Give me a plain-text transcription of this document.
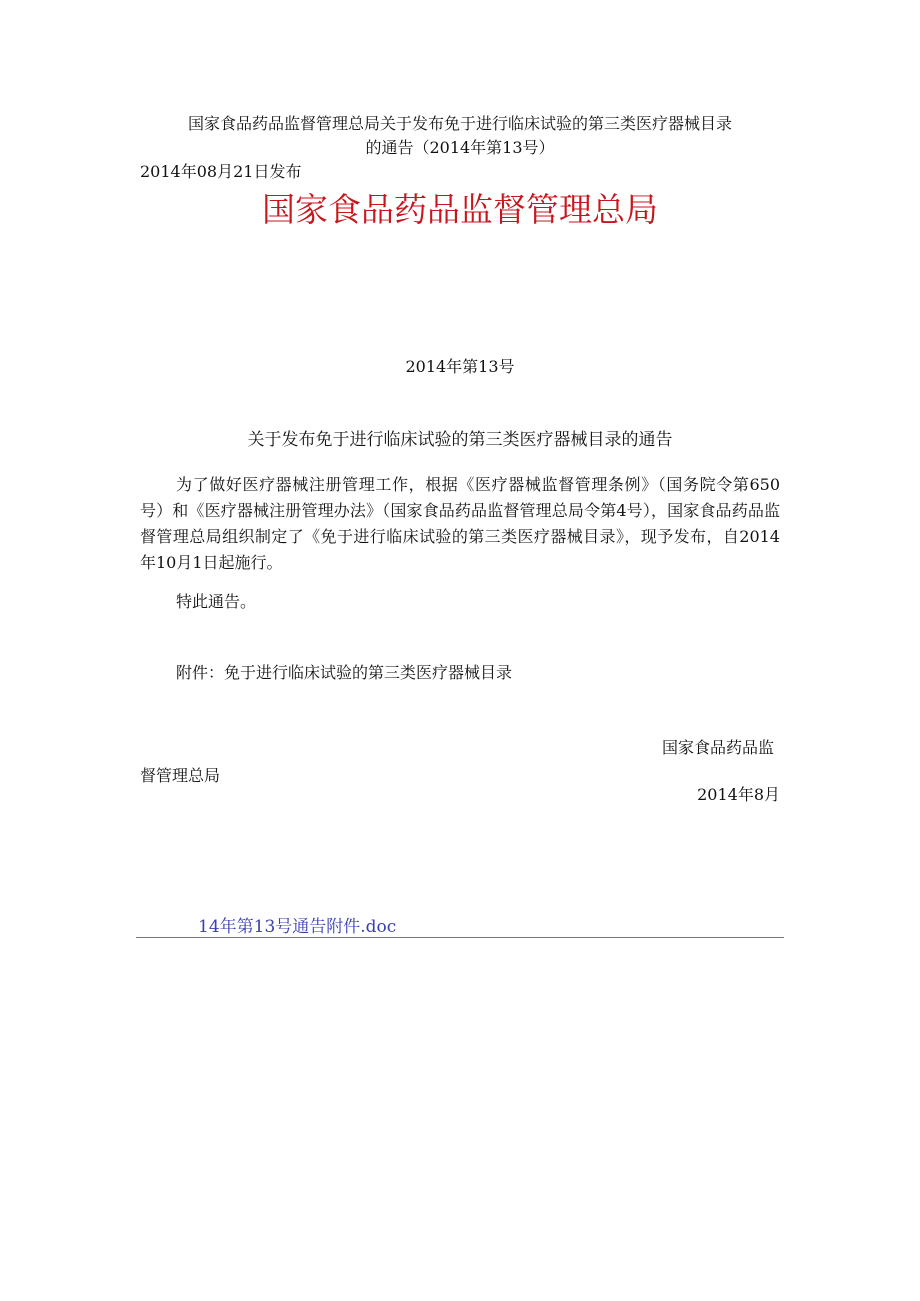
国家食品药品监督管理总局关于发布免于进行临床试验的第三类医疗器械目录
的通告（2014年第13号）
2014年08月21日发布
国家食品药品监督管理总局
2014年第13号
关于发布免于进行临床试验的第三类医疗器械目录的通告
为了做好医疗器械注册管理工作，根据《医疗器械监督管理条例》（国务院令第650号）和《医疗器械注册管理办法》（国家食品药品监督管理总局令第4号），国家食品药品监督管理总局组织制定了《免于进行临床试验的第三类医疗器械目录》，现予发布，自2014年10月1日起施行。
特此通告。
附件：免于进行临床试验的第三类医疗器械目录
国家食品药品监督管理总局
2014年8月
14年第13号通告附件.doc
